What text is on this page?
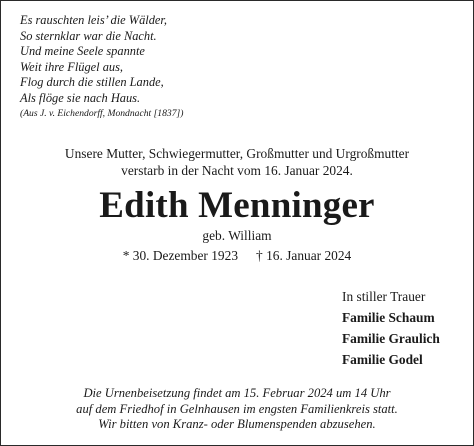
Es rauschten leis’ die Wälder,
So sternklar war die Nacht.
Und meine Seele spannte
Weit ihre Flügel aus,
Flog durch die stillen Lande,
Als flöge sie nach Haus.
(Aus J. v. Eichendorff, Mondnacht [1837])
Unsere Mutter, Schwiegermutter, Großmutter und Urgroßmutter
verstarb in der Nacht vom 16. Januar 2024.
Edith Menninger
geb. William
* 30. Dezember 1923 † 16. Januar 2024
In stiller Trauer
Familie Schaum
Familie Graulich
Familie Godel
Die Urnenbeisetzung findet am 15. Februar 2024 um 14 Uhr
auf dem Friedhof in Gelnhausen im engsten Familienkreis statt.
Wir bitten von Kranz- oder Blumenspenden abzusehen.
